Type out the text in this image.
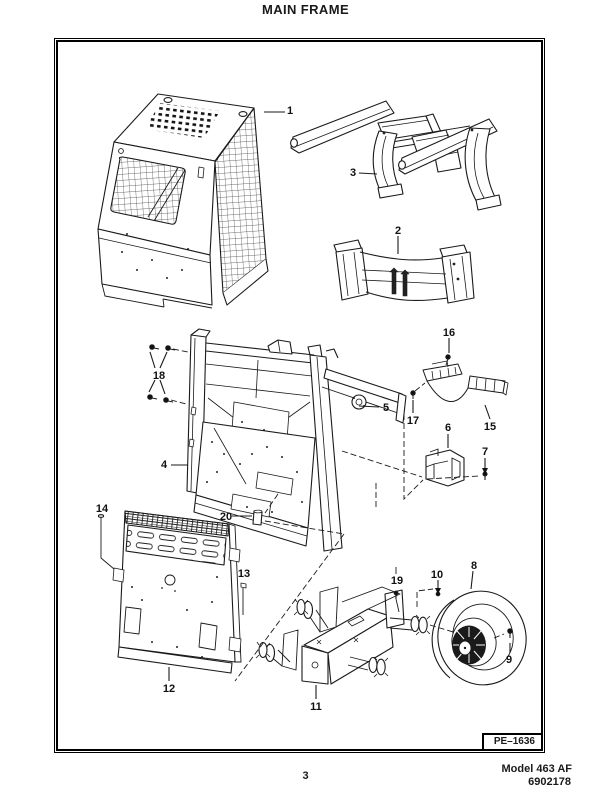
MAIN FRAME
1
2
3
4
5
6
7
8
9
10
11
12
13
14
15
16
17
18
19
20
PE–1636
Model 463 AF
6902178
3
